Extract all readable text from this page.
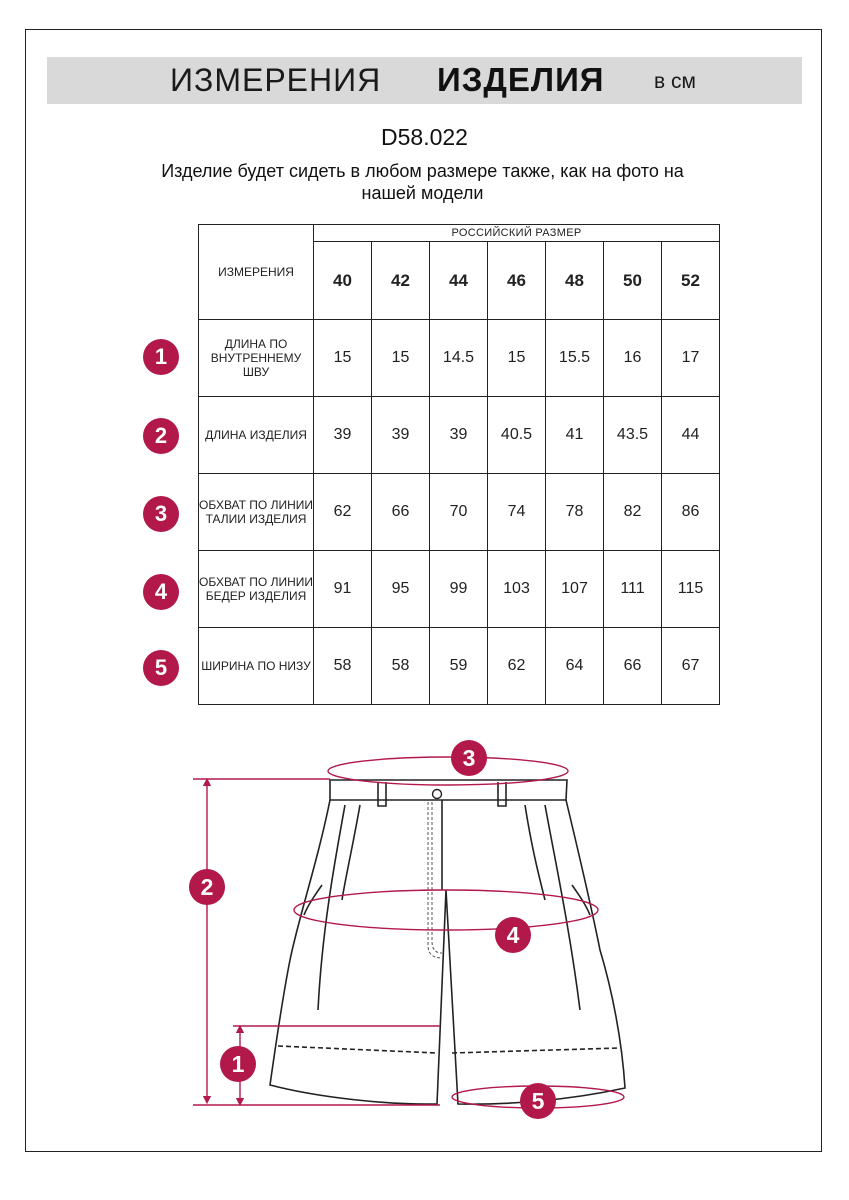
ИЗМЕРЕНИЯ ИЗДЕЛИЯ в см
D58.022
Изделие будет сидеть в любом размере также, как на фото на нашей модели
ИЗМЕРЕНИЯ	РОССИЙСКИЙ РАЗМЕР						
	40	42	44	46	48	50	52
ДЛИНА ПО ВНУТРЕННЕМУ ШВУ	15	15	14.5	15	15.5	16	17
ДЛИНА ИЗДЕЛИЯ	39	39	39	40.5	41	43.5	44
ОБХВАТ ПО ЛИНИИ ТАЛИИ ИЗДЕЛИЯ	62	66	70	74	78	82	86
ОБХВАТ ПО ЛИНИИ БЕДЕР ИЗДЕЛИЯ	91	95	99	103	107	111	115
ШИРИНА ПО НИЗУ	58	58	59	62	64	66	67
1
2
3
4
5
1
2
3
4
5
